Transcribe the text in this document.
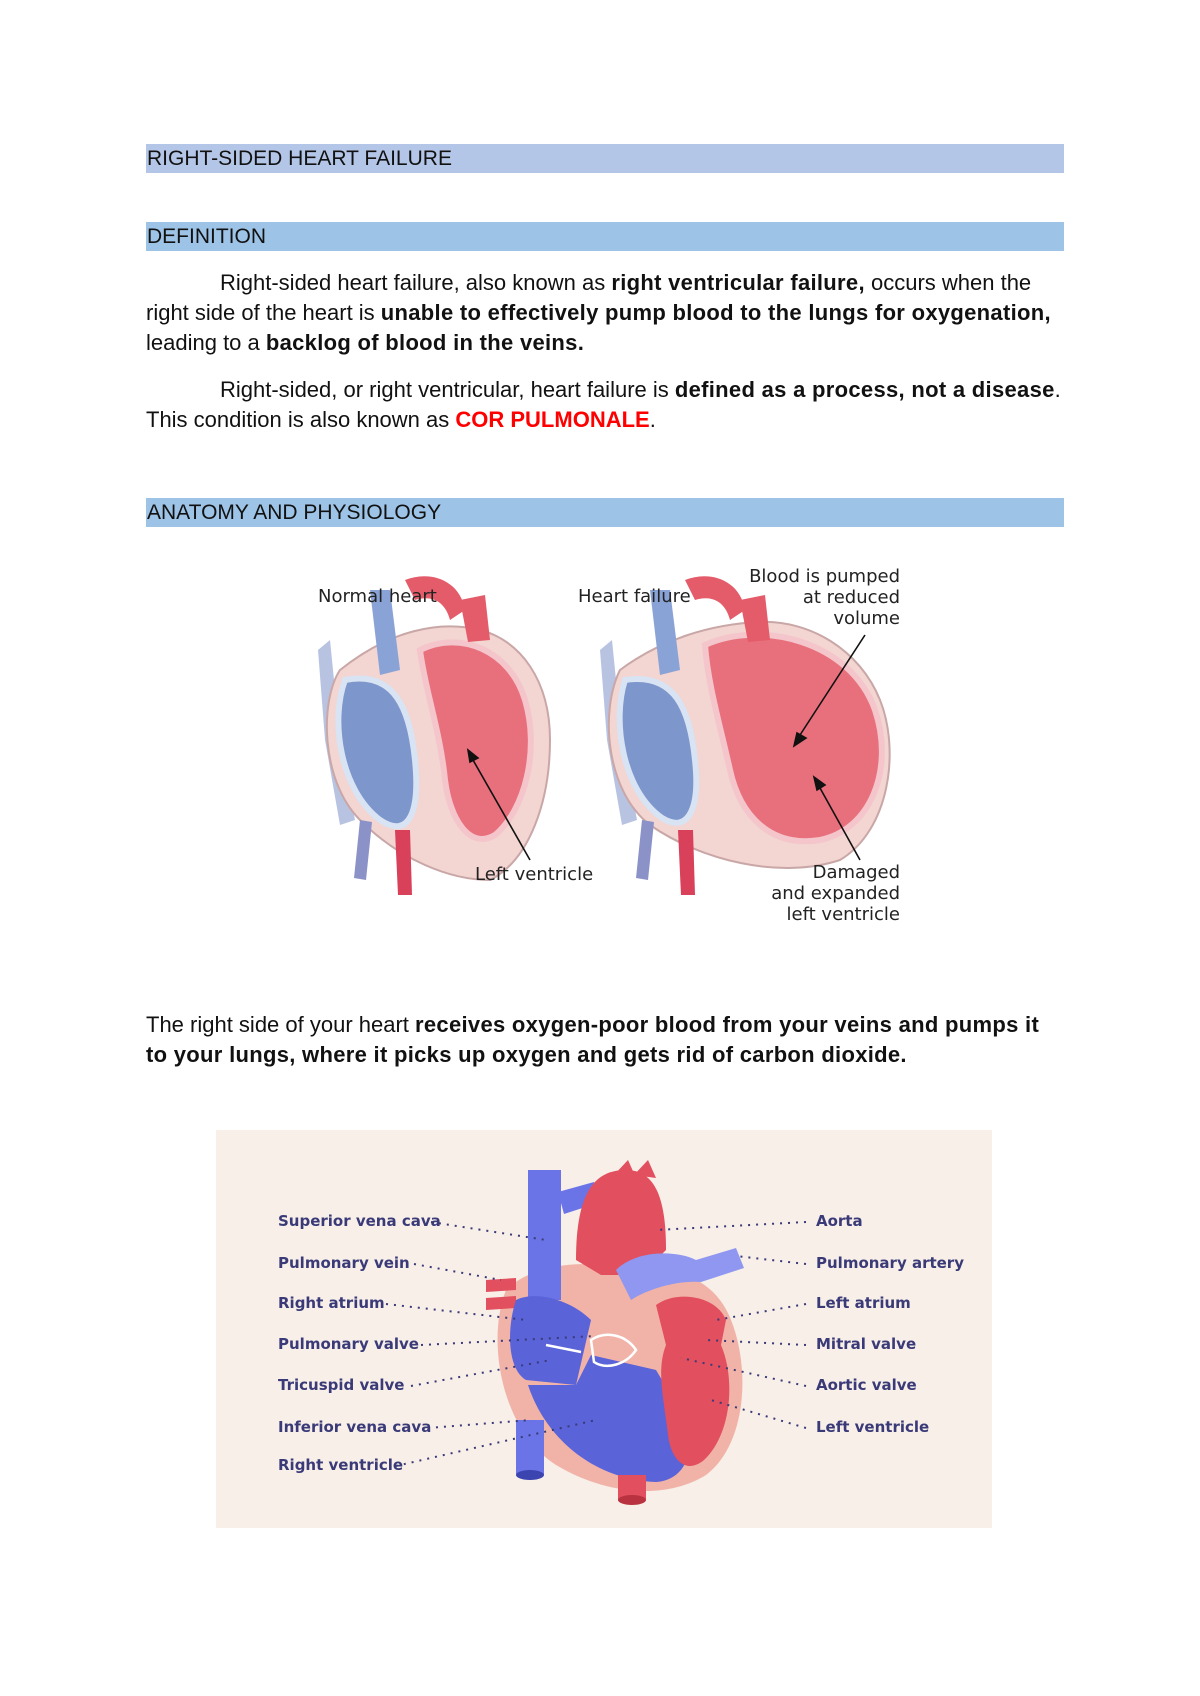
RIGHT-SIDED HEART FAILURE
DEFINITION

Right-sided heart failure, also known as right ventricular failure, occurs when the right side of the heart is unable to effectively pump blood to the lungs for oxygenation, leading to a backlog of blood in the veins.

Right-sided, or right ventricular, heart failure is defined as a process, not a disease. This condition is also known as COR PULMONALE.

ANATOMY AND PHYSIOLOGY
Normal heart	Heart failure
Blood is pumped
at reduced
volume
Left ventricle	Damaged
and expanded
left ventricle

The right side of your heart receives oxygen-poor blood from your veins and pumps it to your lungs, where it picks up oxygen and gets rid of carbon dioxide.

Superior vena cava
Pulmonary vein
Right atrium
Pulmonary valve
Tricuspid valve
Inferior vena cava
Right ventricle
Aorta
Pulmonary artery
Left atrium
Mitral valve
Aortic valve
Left ventricle
